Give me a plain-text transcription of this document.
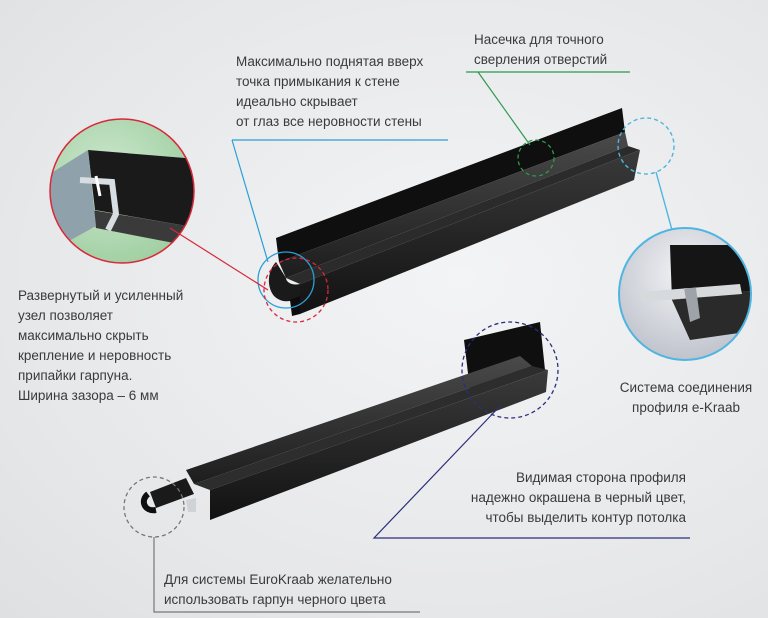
Максимально поднятая вверх
точка примыкания к стене
идеально скрывает
от глаз все неровности стены
Насечка для точного
сверления отверстий
Развернутый и усиленный
узел позволяет
максимально скрыть
крепление и неровность
припайки гарпуна.
Ширина зазора – 6 мм
Система соединения
профиля e-Kraab
Видимая сторона профиля
надежно окрашена в черный цвет,
чтобы выделить контур потолка
Для системы EuroKraab желательно
использовать гарпун черного цвета
